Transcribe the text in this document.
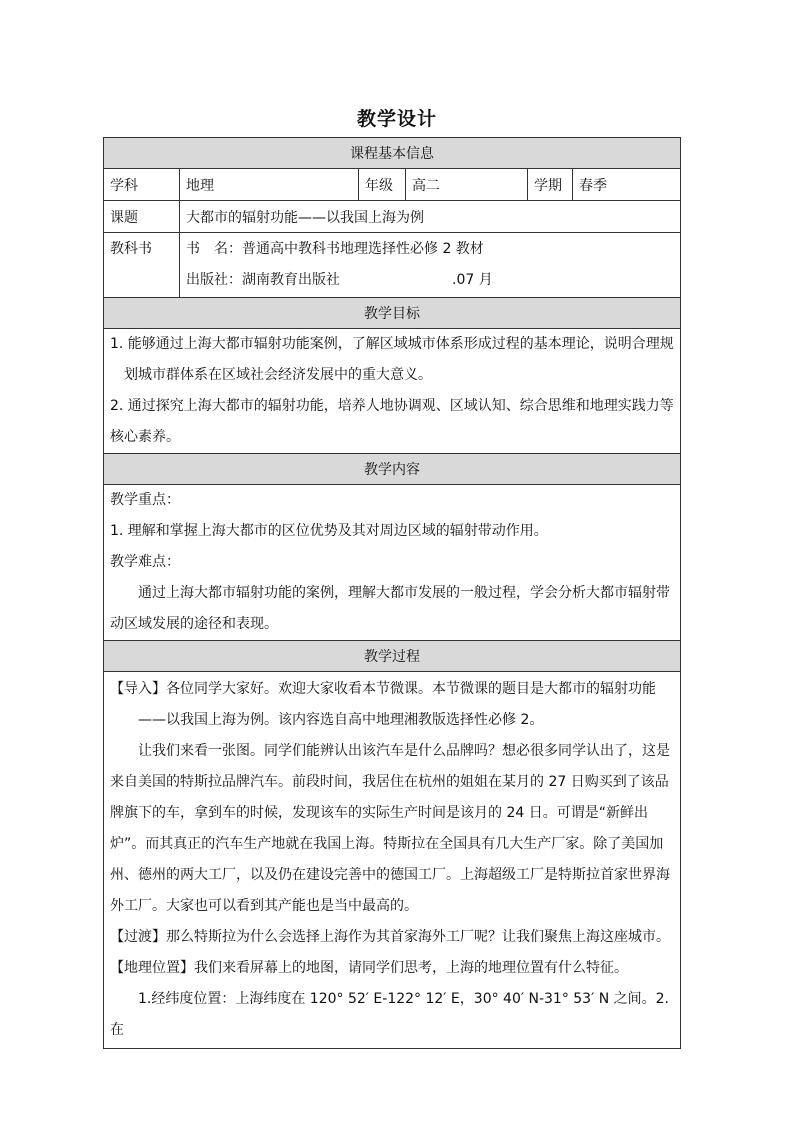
教学设计
课程基本信息					
学科	地理	年级	高二	学期	春季
课题	大都市的辐射功能——以我国上海为例				
教科书	书　名：普通高中教科书地理选择性必修 2 教材
出版社：湖南教育出版社 .07 月				

教学目标					

1. 能够通过上海大都市辐射功能案例，了解区域城市体系形成过程的基本理论，说明合理规划城市群体系在区域社会经济发展中的重大意义。
2. 通过探究上海大都市的辐射功能，培养人地协调观、区域认知、综合思维和地理实践力等核心素养。					

教学内容					

教学重点：
1. 理解和掌握上海大都市的区位优势及其对周边区域的辐射带动作用。
教学难点：
通过上海大都市辐射功能的案例，理解大都市发展的一般过程，学会分析大都市辐射带动区域发展的途径和表现。					

教学过程					

【导入】各位同学大家好。欢迎大家收看本节微课。本节微课的题目是大都市的辐射功能——以我国上海为例。该内容选自高中地理湘教版选择性必修 2。
让我们来看一张图。同学们能辨认出该汽车是什么品牌吗？想必很多同学认出了，这是来自美国的特斯拉品牌汽车。前段时间，我居住在杭州的姐姐在某月的 27 日购买到了该品牌旗下的车，拿到车的时候，发现该车的实际生产时间是该月的 24 日。可谓是“新鲜出炉”。而其真正的汽车生产地就在我国上海。特斯拉在全国具有几大生产厂家。除了美国加州、德州的两大工厂，以及仍在建设完善中的德国工厂。上海超级工厂是特斯拉首家世界海外工厂。大家也可以看到其产能也是当中最高的。
【过渡】那么特斯拉为什么会选择上海作为其首家海外工厂呢？让我们聚焦上海这座城市。
【地理位置】我们来看屏幕上的地图，请同学们思考，上海的地理位置有什么特征。
1.经纬度位置：上海纬度在 120° 52′ E-122° 12′ E，30° 40′ N-31° 53′ N 之间。2.在					
